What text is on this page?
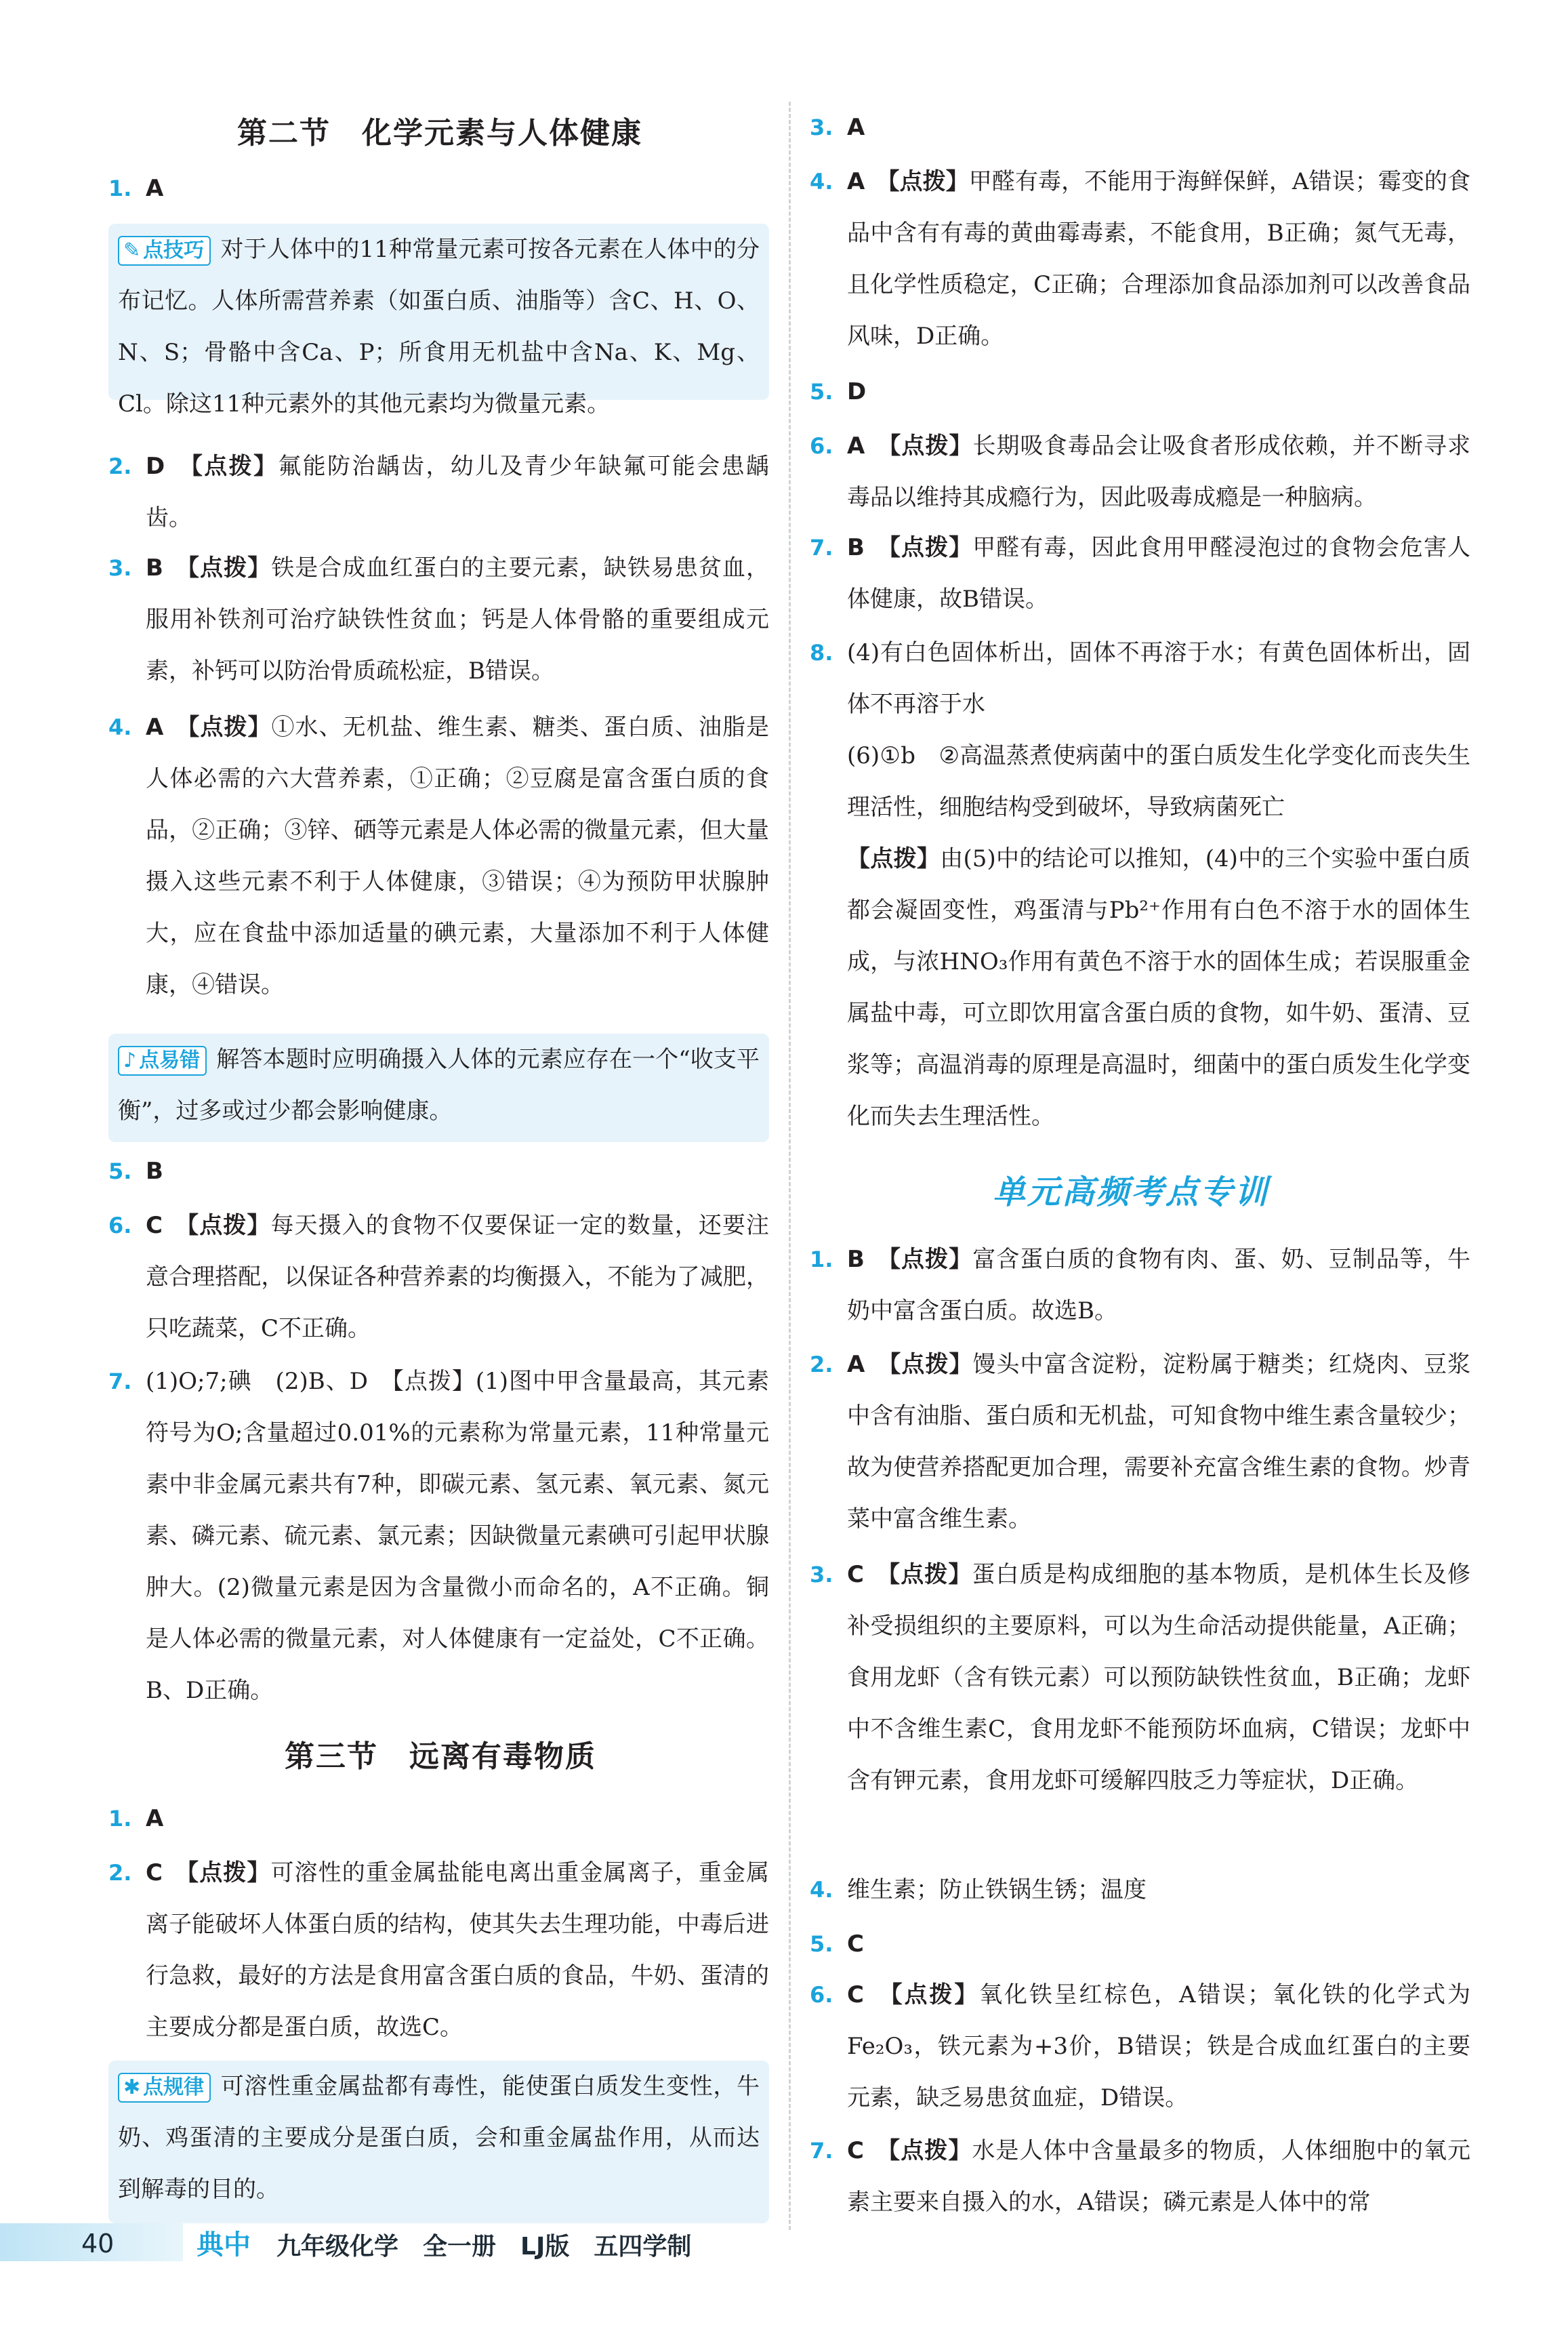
第二节　化学元素与人体健康
1. A
✎ 点技巧 对于人体中的11种常量元素可按各元素在人体中的分布记忆。人体所需营养素（如蛋白质、油脂等）含C、H、O、N、S；骨骼中含Ca、P；所食用无机盐中含Na、K、Mg、Cl。除这11种元素外的其他元素均为微量元素。
2. D　 【点拨】氟能防治龋齿，幼儿及青少年缺氟可能会患龋齿。
3. B　 【点拨】铁是合成血红蛋白的主要元素，缺铁易患贫血，服用补铁剂可治疗缺铁性贫血；钙是人体骨骼的重要组成元素，补钙可以防治骨质疏松症，B错误。
4. A　 【点拨】①水、无机盐、维生素、糖类、蛋白质、油脂是人体必需的六大营养素，①正确；②豆腐是富含蛋白质的食品，②正确；③锌、硒等元素是人体必需的微量元素，但大量摄入这些元素不利于人体健康，③错误；④为预防甲状腺肿大，应在食盐中添加适量的碘元素，大量添加不利于人体健康，④错误。
♪ 点易错 解答本题时应明确摄入人体的元素应存在一个“收支平衡”，过多或过少都会影响健康。
5. B
6. C　 【点拨】每天摄入的食物不仅要保证一定的数量，还要注意合理搭配，以保证各种营养素的均衡摄入，不能为了减肥，只吃蔬菜，C不正确。
7. (1)O;7;碘　(2)B、D　【点拨】(1)图中甲含量最高，其元素符号为O;含量超过0.01%的元素称为常量元素，11种常量元素中非金属元素共有7种，即碳元素、氢元素、氧元素、氮元素、磷元素、硫元素、氯元素；因缺微量元素碘可引起甲状腺肿大。(2)微量元素是因为含量微小而命名的，A不正确。铜是人体必需的微量元素，对人体健康有一定益处，C不正确。B、D正确。
第三节　远离有毒物质
1. A
2. C　 【点拨】可溶性的重金属盐能电离出重金属离子，重金属离子能破坏人体蛋白质的结构，使其失去生理功能，中毒后进行急救，最好的方法是食用富含蛋白质的食品，牛奶、蛋清的主要成分都是蛋白质，故选C。
✱ 点规律 可溶性重金属盐都有毒性，能使蛋白质发生变性，牛奶、鸡蛋清的主要成分是蛋白质，会和重金属盐作用，从而达到解毒的目的。
3. A
4. A　 【点拨】甲醛有毒，不能用于海鲜保鲜，A错误；霉变的食品中含有有毒的黄曲霉毒素，不能食用，B正确；氮气无毒，且化学性质稳定，C正确；合理添加食品添加剂可以改善食品风味，D正确。
5. D
6. A　 【点拨】长期吸食毒品会让吸食者形成依赖，并不断寻求毒品以维持其成瘾行为，因此吸毒成瘾是一种脑病。
7. B　 【点拨】甲醛有毒，因此食用甲醛浸泡过的食物会危害人体健康，故B错误。
8. (4)有白色固体析出，固体不再溶于水；有黄色固体析出，固体不再溶于水
(6)①b　②高温蒸煮使病菌中的蛋白质发生化学变化而丧失生理活性，细胞结构受到破坏，导致病菌死亡
【点拨】由(5)中的结论可以推知，(4)中的三个实验中蛋白质都会凝固变性，鸡蛋清与Pb²⁺作用有白色不溶于水的固体生成，与浓HNO₃作用有黄色不溶于水的固体生成；若误服重金属盐中毒，可立即饮用富含蛋白质的食物，如牛奶、蛋清、豆浆等；高温消毒的原理是高温时，细菌中的蛋白质发生化学变化而失去生理活性。
单元高频考点专训
1. B　 【点拨】富含蛋白质的食物有肉、蛋、奶、豆制品等，牛奶中富含蛋白质。故选B。
2. A　 【点拨】馒头中富含淀粉，淀粉属于糖类；红烧肉、豆浆中含有油脂、蛋白质和无机盐，可知食物中维生素含量较少；故为使营养搭配更加合理，需要补充富含维生素的食物。炒青菜中富含维生素。
3. C　 【点拨】蛋白质是构成细胞的基本物质，是机体生长及修补受损组织的主要原料，可以为生命活动提供能量，A正确；食用龙虾（含有铁元素）可以预防缺铁性贫血，B正确；龙虾中不含维生素C，食用龙虾不能预防坏血病，C错误；龙虾中含有钾元素，食用龙虾可缓解四肢乏力等症状，D正确。
4. 维生素；防止铁锅生锈；温度
5. C
6. C　 【点拨】氧化铁呈红棕色，A错误；氧化铁的化学式为Fe₂O₃，铁元素为+3价，B错误；铁是合成血红蛋白的主要元素，缺乏易患贫血症，D错误。
7. C　 【点拨】水是人体中含量最多的物质，人体细胞中的氧元素主要来自摄入的水，A错误；磷元素是人体中的常
40	典中 九年级化学　全一册　LJ版　五四学制
